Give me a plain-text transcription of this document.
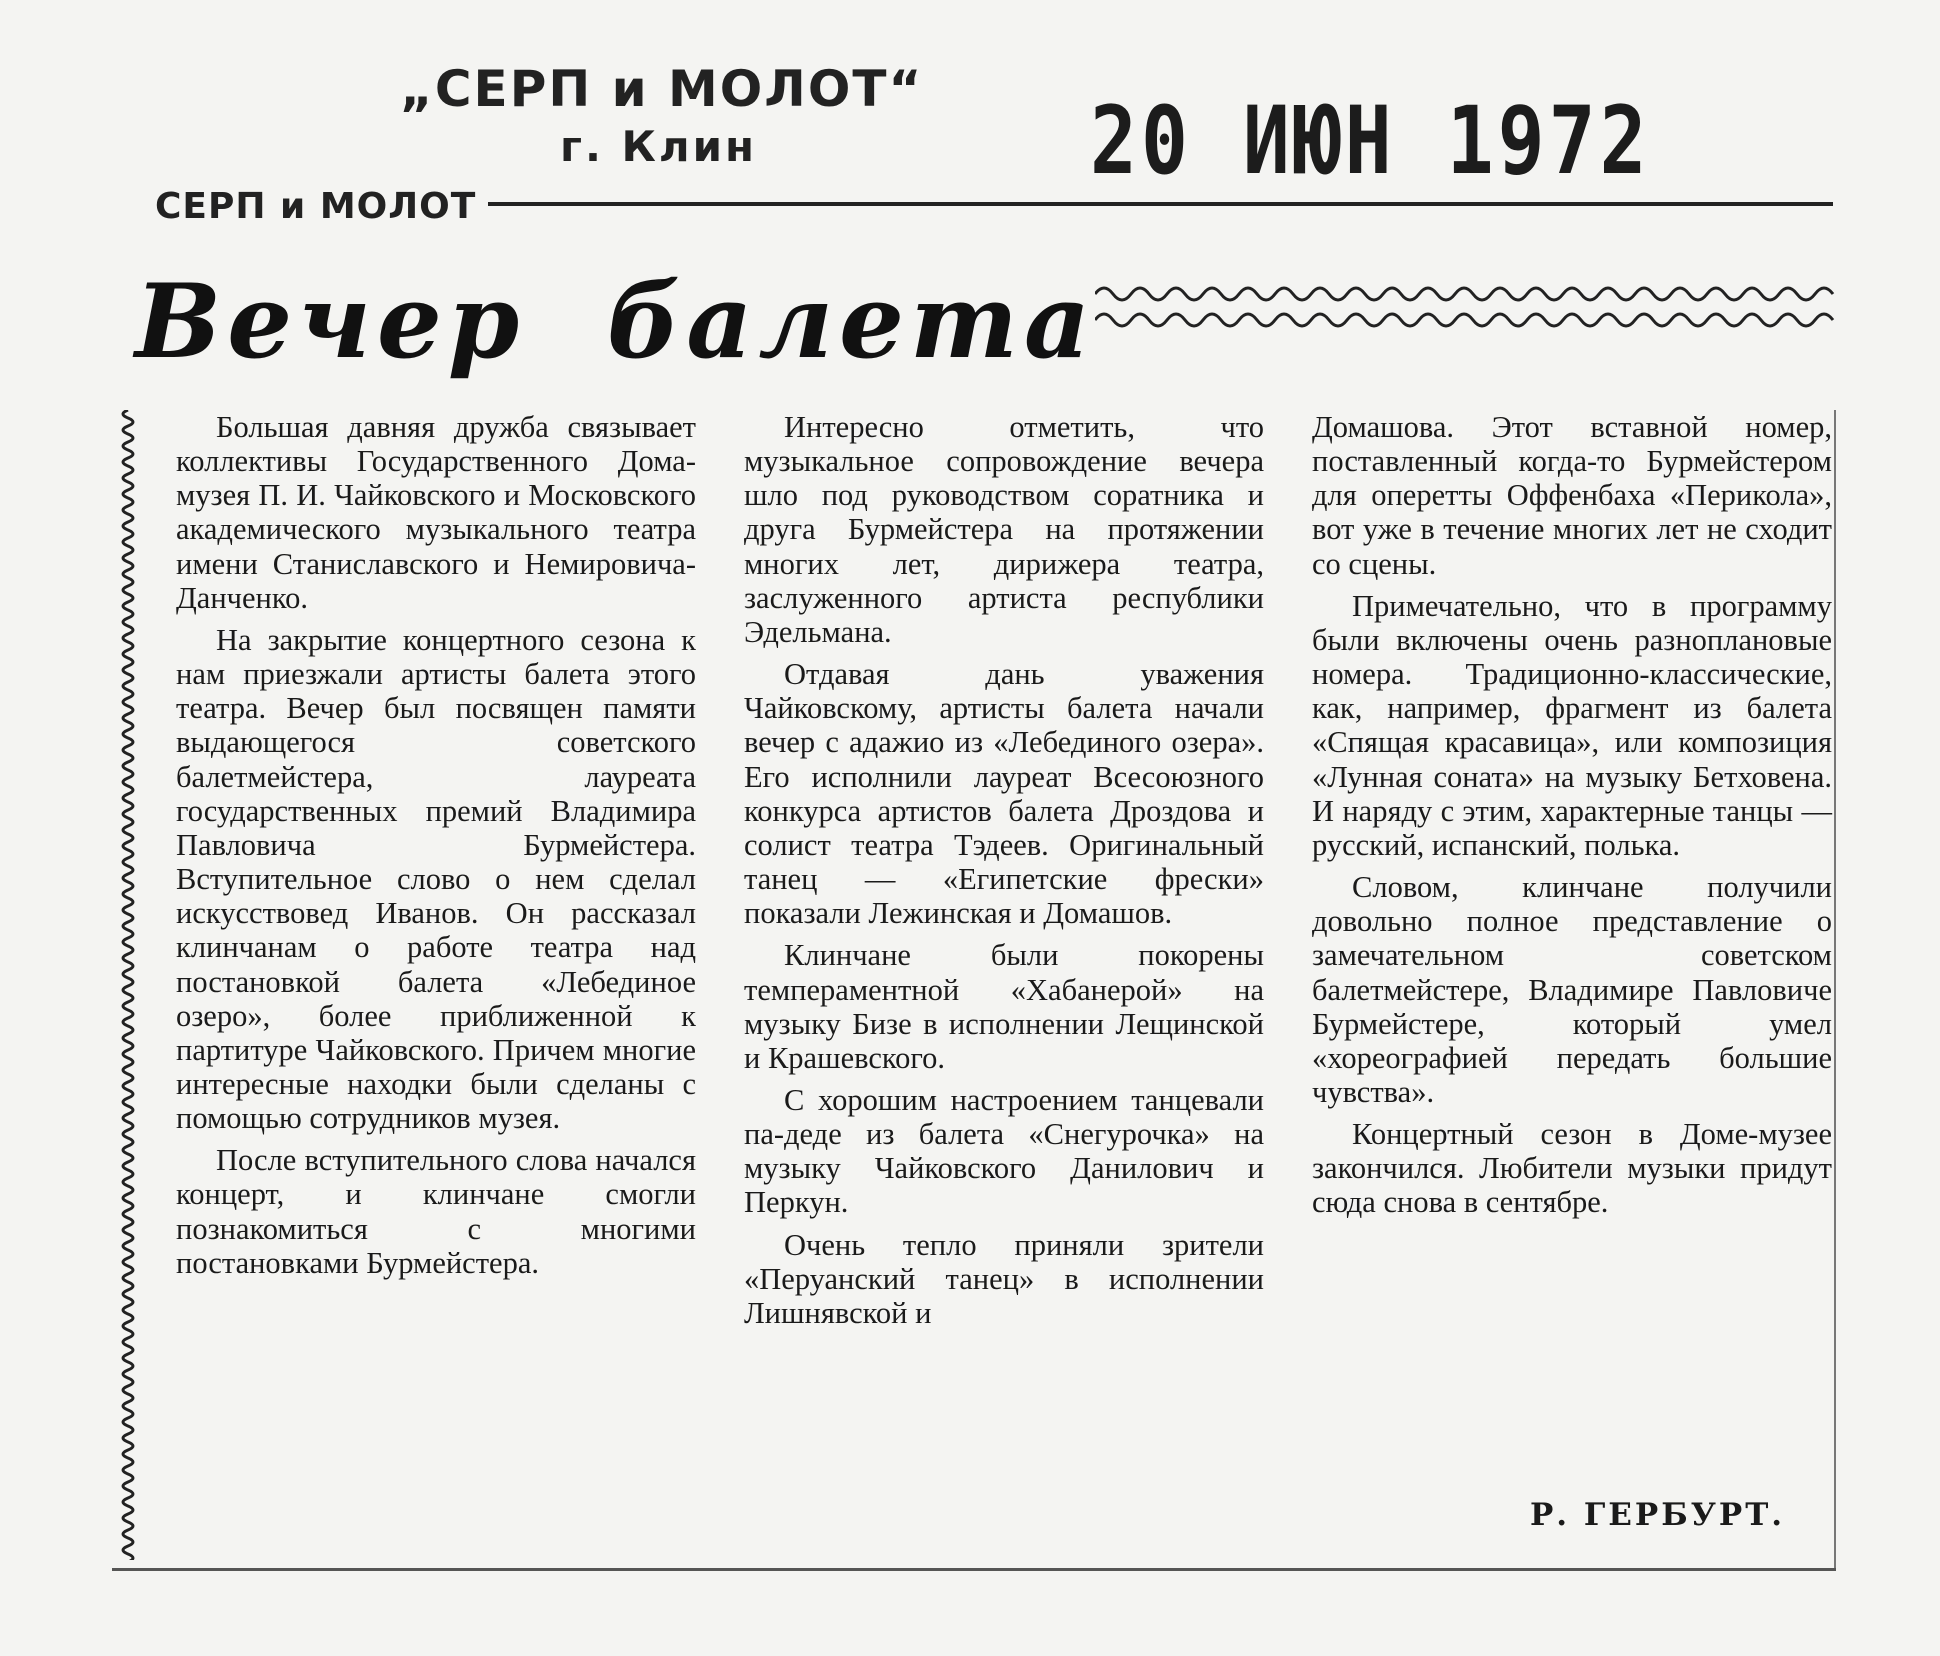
„СЕРП и МОЛОТ“
г. Клин	20 ИЮН 1972
СЕРП и МОЛОТ
Вечер балета

Большая давняя дружба связывает коллективы Государственного Дома-музея П. И. Чайковского и Московского академического музыкального театра имени Станиславского и Немировича-Данченко.

На закрытие концертного сезона к нам приезжали артисты балета этого театра. Вечер был посвящен памяти выдающегося советского балетмейстера, лауреата государственных премий Владимира Павловича Бурмейстера. Вступительное слово о нем сделал искусствовед Иванов. Он рассказал клинчанам о работе театра над постановкой балета «Лебединое озеро», более приближенной к партитуре Чайковского. Причем многие интересные находки были сделаны с помощью сотрудников музея.

После вступительного слова начался концерт, и клинчане смогли познакомиться с многими постановками Бурмейстера.

Интересно отметить, что музыкальное сопровождение вечера шло под руководством соратника и друга Бурмейстера на протяжении многих лет, дирижера театра, заслуженного артиста республики Эдельмана.

Отдавая дань уважения Чайковскому, артисты балета начали вечер с адажио из «Лебединого озера». Его исполнили лауреат Всесоюзного конкурса артистов балета Дроздова и солист театра Тэдеев. Оригинальный танец — «Египетские фрески» показали Лежинская и Домашов.

Клинчане были покорены темпераментной «Хабанерой» на музыку Бизе в исполнении Лещинской и Крашевского.

С хорошим настроением танцевали па-деде из балета «Снегурочка» на музыку Чайковского Данилович и Перкун.

Очень тепло приняли зрители «Перуанский танец» в исполнении Лишнявской и

Домашова. Этот вставной номер, поставленный когда-то Бурмейстером для оперетты Оффенбаха «Перикола», вот уже в течение многих лет не сходит со сцены.

Примечательно, что в программу были включены очень разноплановые номера. Традиционно-классические, как, например, фрагмент из балета «Спящая красавица», или композиция «Лунная соната» на музыку Бетховена. И наряду с этим, характерные танцы — русский, испанский, полька.

Словом, клинчане получили довольно полное представление о замечательном советском балетмейстере, Владимире Павловиче Бурмейстере, который умел «хореографией передать большие чувства».

Концертный сезон в Доме-музее закончился. Любители музыки придут сюда снова в сентябре.

Р. ГЕРБУРТ.
